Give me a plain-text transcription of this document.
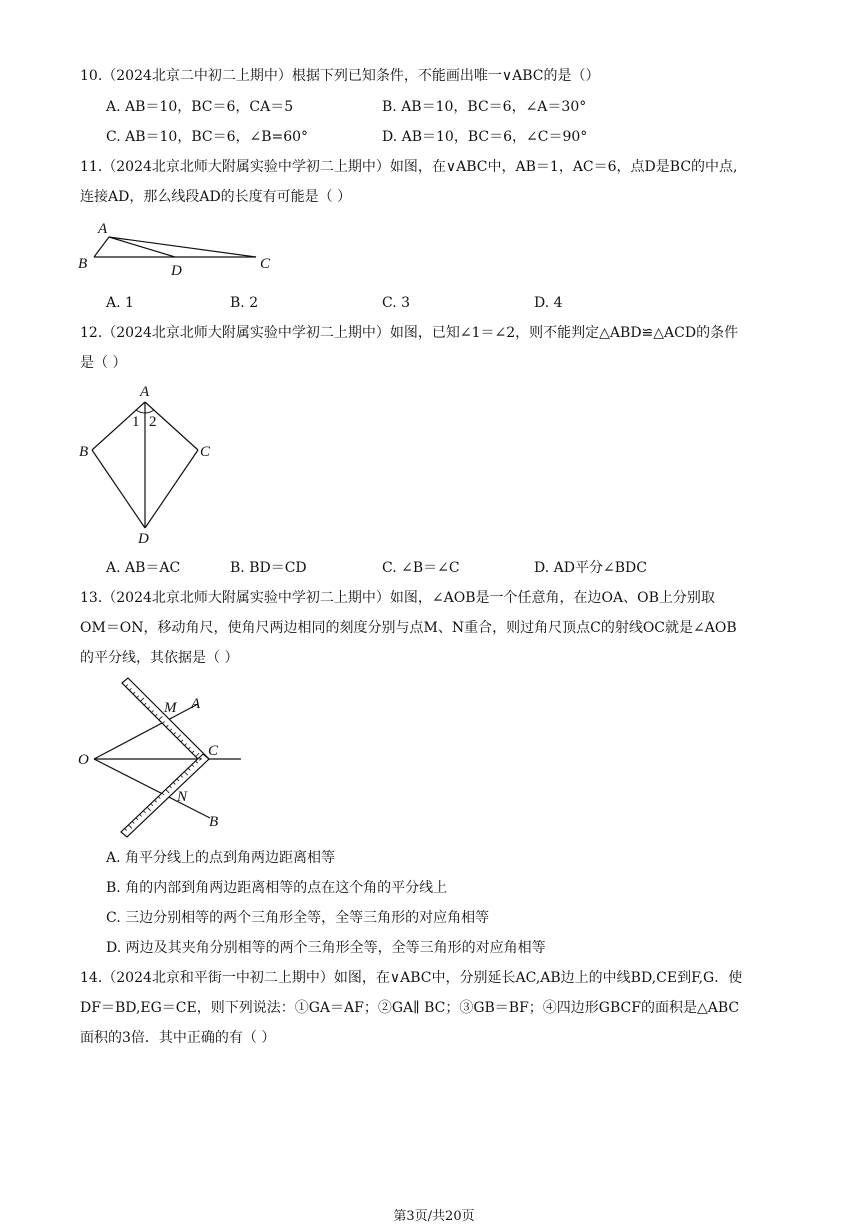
10.（2024北京二中初二上期中）根据下列已知条件，不能画出唯一∨ABC的是（）
A. AB＝10，BC＝6，CA＝5	B. AB＝10，BC＝6，∠A＝30°
C. AB＝10，BC＝6，∠B=60°	D. AB＝10，BC＝6，∠C＝90°
11.（2024北京北师大附属实验中学初二上期中）如图，在∨ABC中，AB＝1，AC＝6，点D是BC的中点,
连接AD，那么线段AD的长度有可能是（ ）
A
B	D	C
A. 1	B. 2	C. 3	D. 4
12.（2024北京北师大附属实验中学初二上期中）如图，已知∠1＝∠2，则不能判定△ABD≌△ACD的条件
是（ ）
A
B	C
D
1 2
A. AB＝AC	B. BD＝CD	C. ∠B＝∠C	D. AD平分∠BDC
13.（2024北京北师大附属实验中学初二上期中）如图，∠AOB是一个任意角，在边OA、OB上分别取
OM＝ON，移动角尺，使角尺两边相同的刻度分别与点M、N重合，则过角尺顶点C的射线OC就是∠AOB
的平分线，其依据是（ ）
O
M A
C
N
B
A. 角平分线上的点到角两边距离相等
B. 角的内部到角两边距离相等的点在这个角的平分线上
C. 三边分别相等的两个三角形全等，全等三角形的对应角相等
D. 两边及其夹角分别相等的两个三角形全等，全等三角形的对应角相等
14.（2024北京和平街一中初二上期中）如图，在∨ABC中，分别延长AC,AB边上的中线BD,CE到F,G．使
DF＝BD,EG＝CE，则下列说法：①GA＝AF；②GA∥ BC；③GB＝BF；④四边形GBCF的面积是△ABC
面积的3倍．其中正确的有（ ）
第3页/共20页
